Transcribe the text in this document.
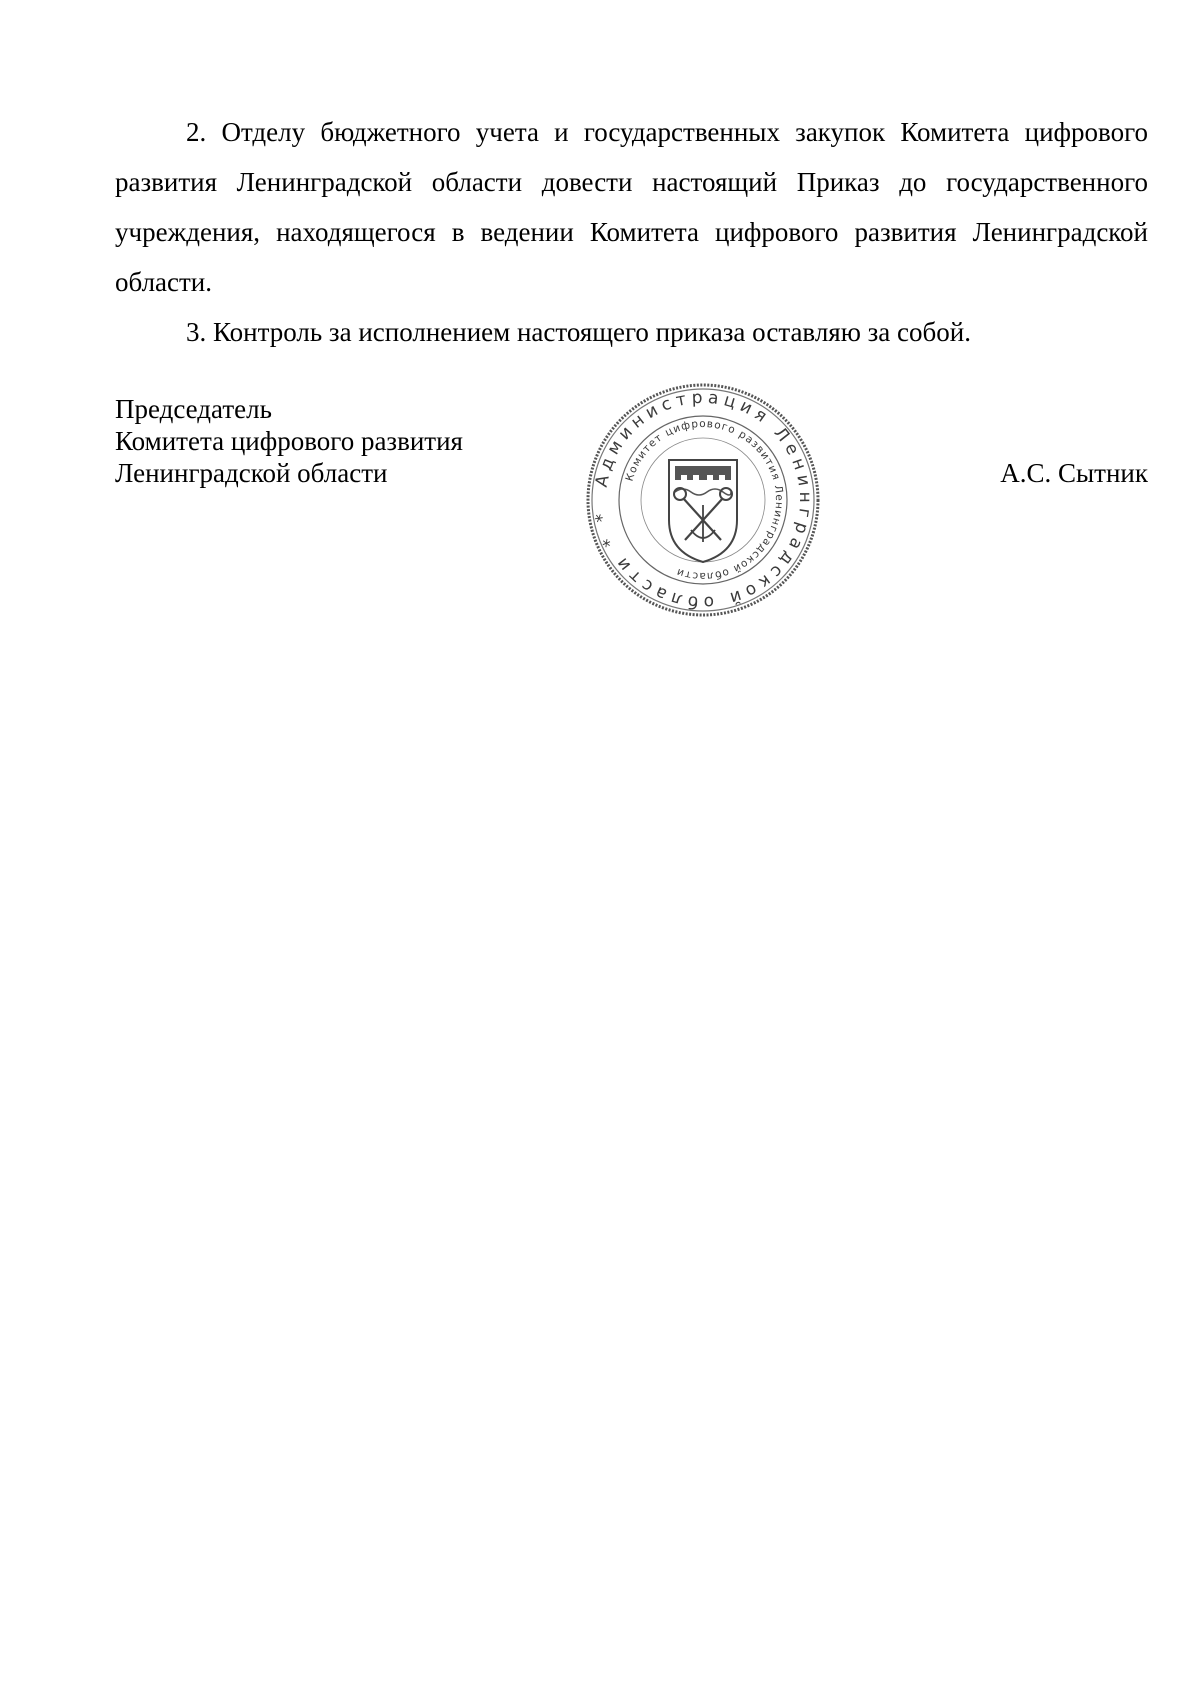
2. Отделу бюджетного учета и государственных закупок Комитета цифрового развития Ленинградской области довести настоящий Приказ до государственного учреждения, находящегося в ведении Комитета цифрового развития Ленинградской области.

3. Контроль за исполнением настоящего приказа оставляю за собой.

Председатель
Комитета цифрового развития
Ленинградской области	А.С. Сытник
Администрация Ленинградской области * *
Комитет цифрового развития Ленинградской области
